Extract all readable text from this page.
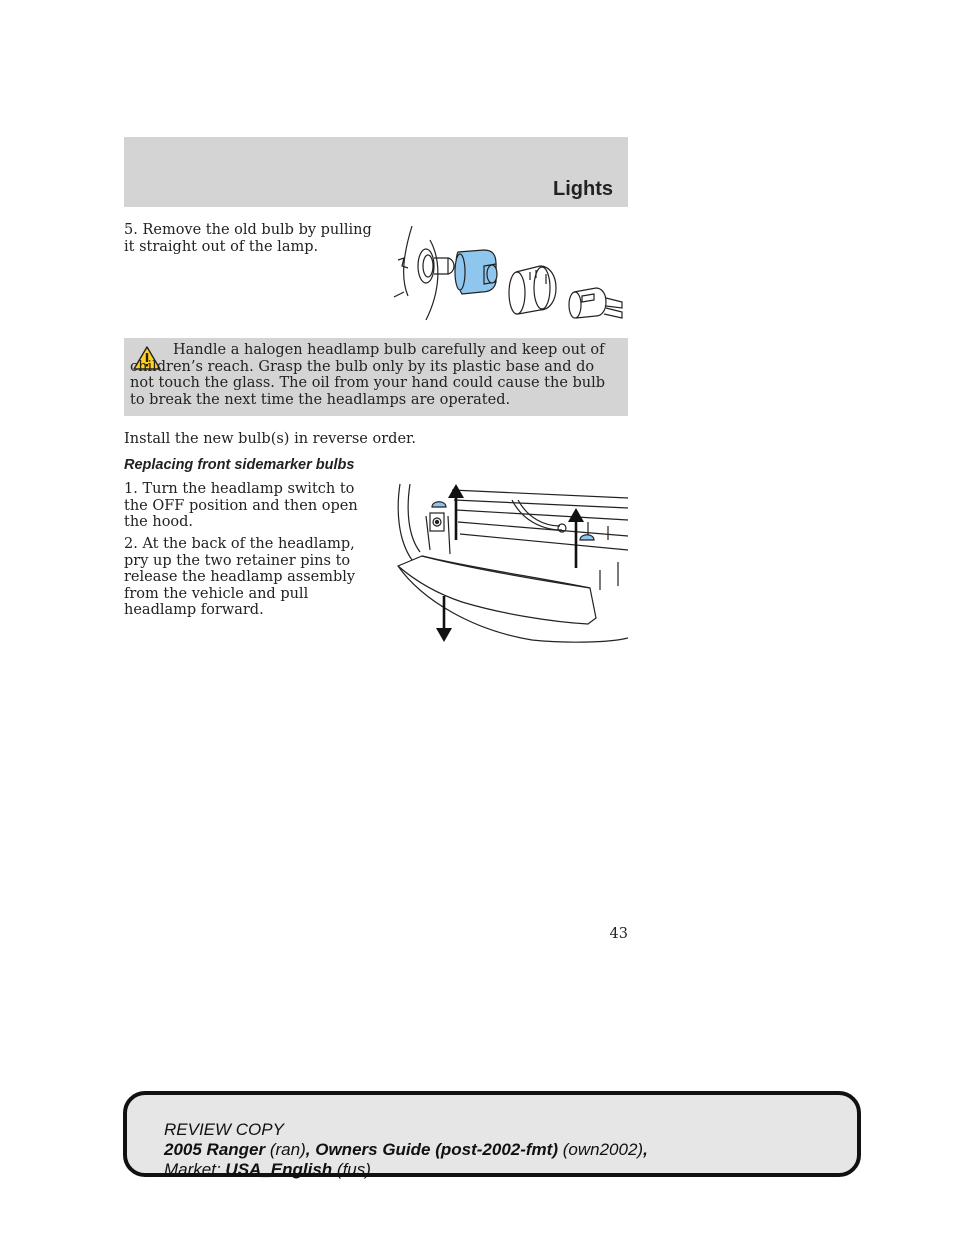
Lights
5. Remove the old bulb by pulling it straight out of the lamp.
Handle a halogen headlamp bulb carefully and keep out of children’s reach. Grasp the bulb only by its plastic base and do not touch the glass. The oil from your hand could cause the bulb to break the next time the headlamps are operated.
Install the new bulb(s) in reverse order.
Replacing front sidemarker bulbs
1. Turn the headlamp switch to the OFF position and then open the hood.
2. At the back of the headlamp, pry up the two retainer pins to release the headlamp assembly from the vehicle and pull headlamp forward.
43
REVIEW COPY
2005 Ranger (ran), Owners Guide (post-2002-fmt) (own2002),
Market: USA_English (fus)
